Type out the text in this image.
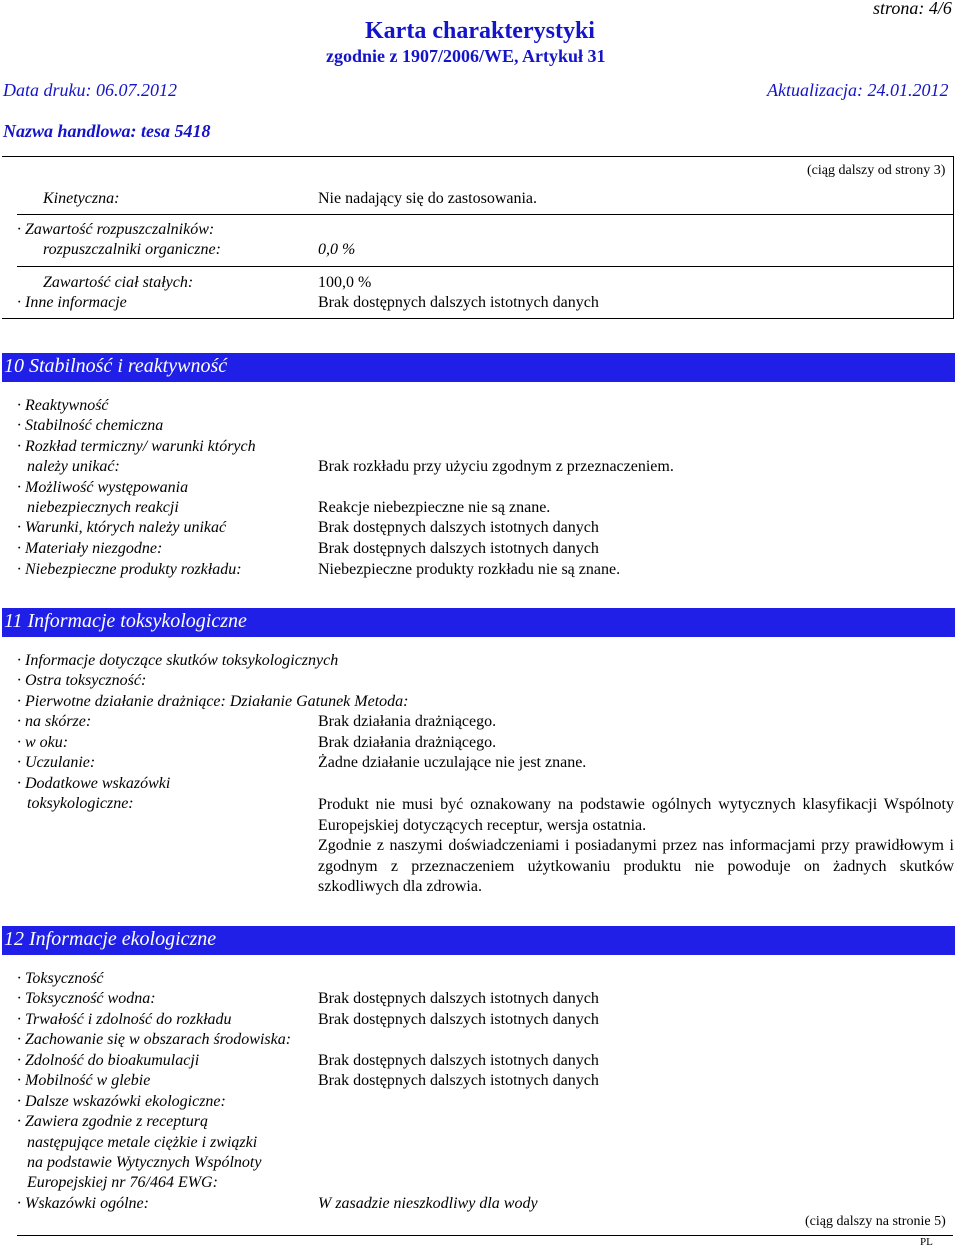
strona: 4/6
Karta charakterystyki
zgodnie z 1907/2006/WE, Artykuł 31
Data druku: 06.07.2012	Aktualizacja: 24.01.2012
Nazwa handlowa: tesa 5418
(ciąg dalszy od strony 3)
Kinetyczna:	Nie nadający się do zastosowania.
· Zawartość rozpuszczalników:
rozpuszczalniki organiczne:	0,0 %
Zawartość ciał stałych:	100,0 %
· Inne informacje	Brak dostępnych dalszych istotnych danych
10 Stabilność i reaktywność
· Reaktywność
· Stabilność chemiczna
· Rozkład termiczny/ warunki których
należy unikać:	Brak rozkładu przy użyciu zgodnym z przeznaczeniem.
· Możliwość występowania
niebezpiecznych reakcji	Reakcje niebezpieczne nie są znane.
· Warunki, których należy unikać	Brak dostępnych dalszych istotnych danych
· Materiały niezgodne:	Brak dostępnych dalszych istotnych danych
· Niebezpieczne produkty rozkładu:	Niebezpieczne produkty rozkładu nie są znane.
11 Informacje toksykologiczne
· Informacje dotyczące skutków toksykologicznych
· Ostra toksyczność:
· Pierwotne działanie drażniące: Działanie Gatunek Metoda:
· na skórze:	Brak działania drażniącego.
· w oku:	Brak działania drażniącego.
· Uczulanie:	Żadne działanie uczulające nie jest znane.
· Dodatkowe wskazówki
toksykologiczne:	Produkt nie musi być oznakowany na podstawie ogólnych wytycznych klasyfikacji Wspólnoty Europejskiej dotyczących receptur, wersja ostatnia.
Zgodnie z naszymi doświadczeniami i posiadanymi przez nas informacjami przy prawidłowym i zgodnym z przeznaczeniem użytkowaniu produktu nie powoduje on żadnych skutków szkodliwych dla zdrowia.
12 Informacje ekologiczne
· Toksyczność
· Toksyczność wodna:	Brak dostępnych dalszych istotnych danych
· Trwałość i zdolność do rozkładu	Brak dostępnych dalszych istotnych danych
· Zachowanie się w obszarach środowiska:
· Zdolność do bioakumulacji	Brak dostępnych dalszych istotnych danych
· Mobilność w glebie	Brak dostępnych dalszych istotnych danych
· Dalsze wskazówki ekologiczne:
· Zawiera zgodnie z recepturą
następujące metale ciężkie i związki
na podstawie Wytycznych Wspólnoty
Europejskiej nr 76/464 EWG:
· Wskazówki ogólne:	W zasadzie nieszkodliwy dla wody
(ciąg dalszy na stronie 5)
PL
